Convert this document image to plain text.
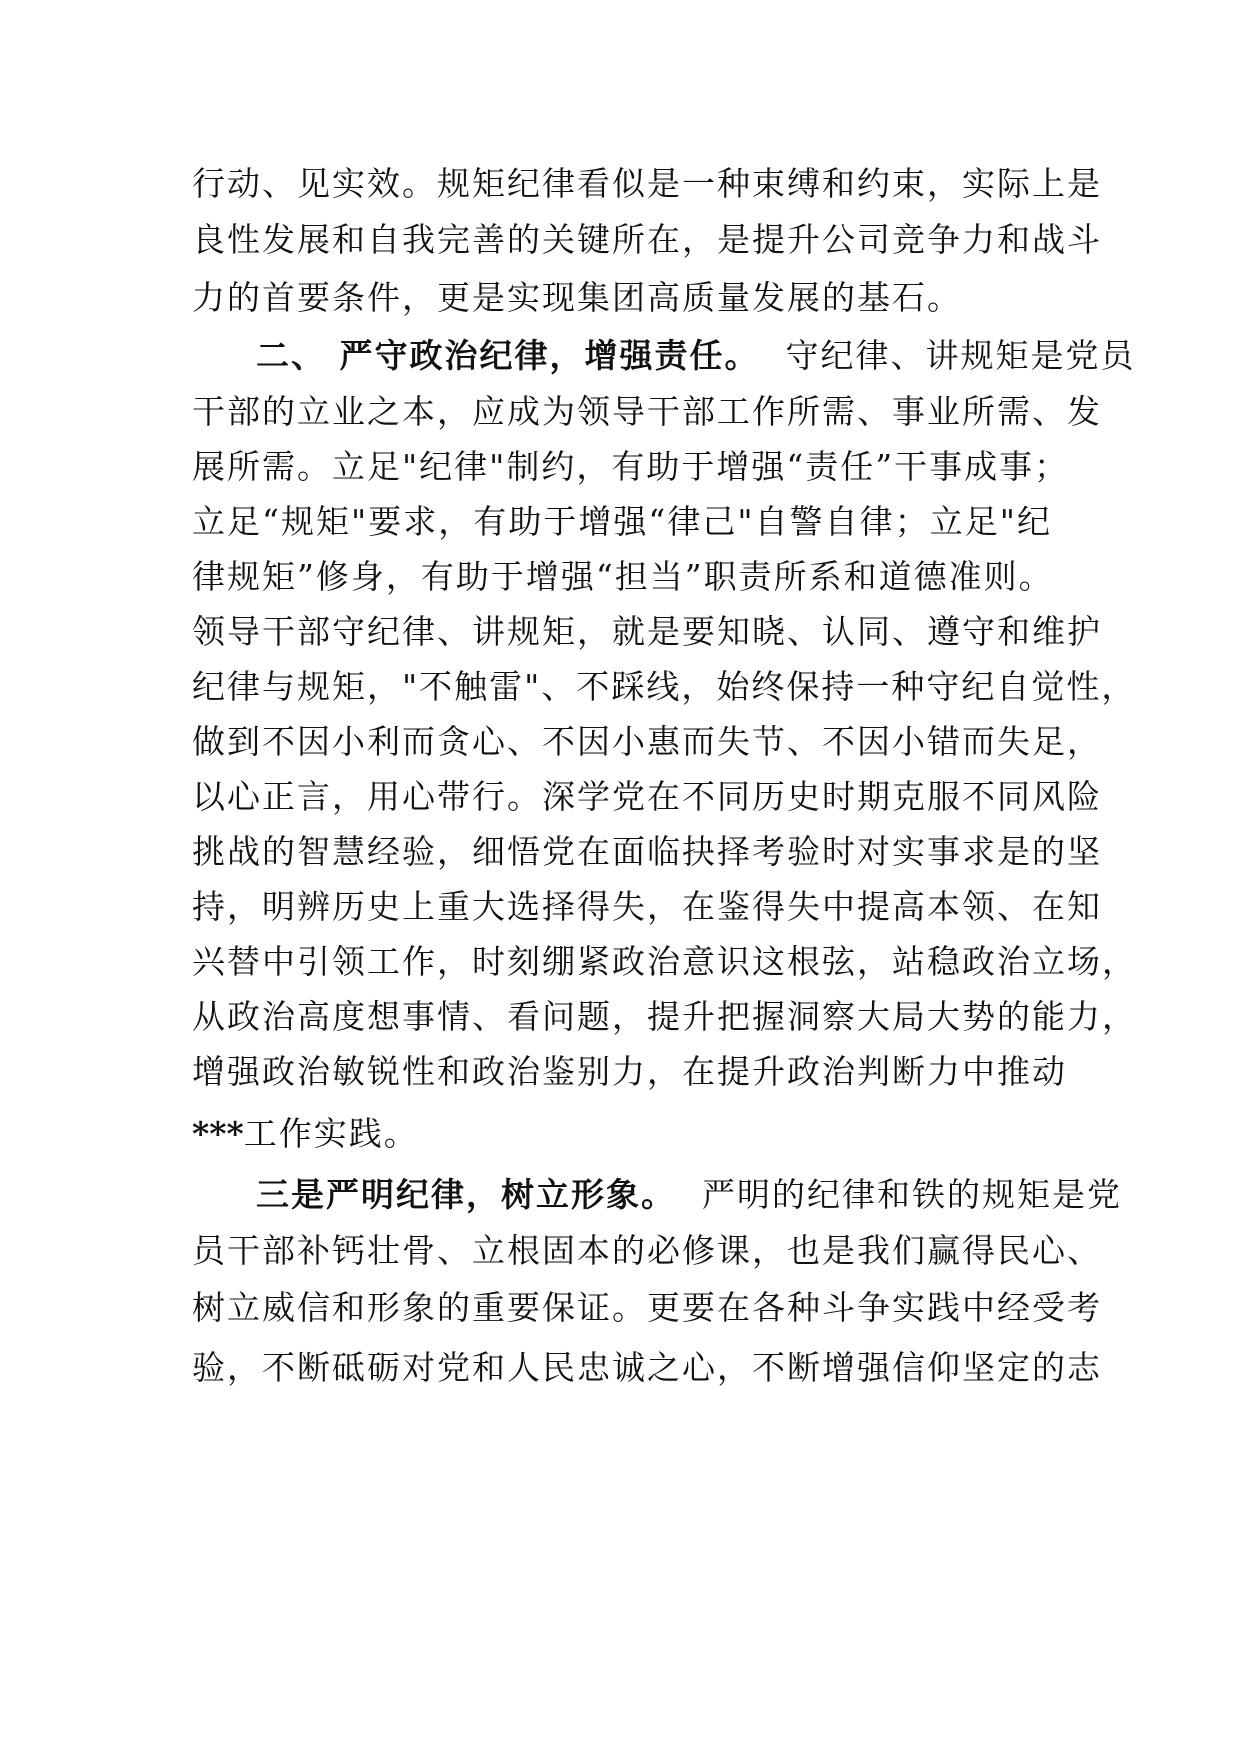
行动、见实效。规矩纪律看似是一种束缚和约束，实际上是
良性发展和自我完善的关键所在，是提升公司竞争力和战斗
力的首要条件，更是实现集团高质量发展的基石。
二、 严守政治纪律，增强责任。 守纪律、讲规矩是党员
干部的立业之本，应成为领导干部工作所需、事业所需、发
展所需。立足"纪律"制约，有助于增强“责任”干事成事；
立足“规矩"要求，有助于增强“律己"自警自律；立足"纪
律规矩”修身，有助于增强“担当”职责所系和道德准则。
领导干部守纪律、讲规矩，就是要知晓、认同、遵守和维护
纪律与规矩，"不触雷"、不踩线，始终保持一种守纪自觉性，
做到不因小利而贪心、不因小惠而失节、不因小错而失足，
以心正言，用心带行。深学党在不同历史时期克服不同风险
挑战的智慧经验，细悟党在面临抉择考验时对实事求是的坚
持，明辨历史上重大选择得失，在鉴得失中提高本领、在知
兴替中引领工作，时刻绷紧政治意识这根弦，站稳政治立场，
从政治高度想事情、看问题，提升把握洞察大局大势的能力，
增强政治敏锐性和政治鉴别力，在提升政治判断力中推动
***工作实践。
三是严明纪律，树立形象。 严明的纪律和铁的规矩是党
员干部补钙壮骨、立根固本的必修课，也是我们赢得民心、
树立威信和形象的重要保证。更要在各种斗争实践中经受考
验，不断砥砺对党和人民忠诚之心，不断增强信仰坚定的志
